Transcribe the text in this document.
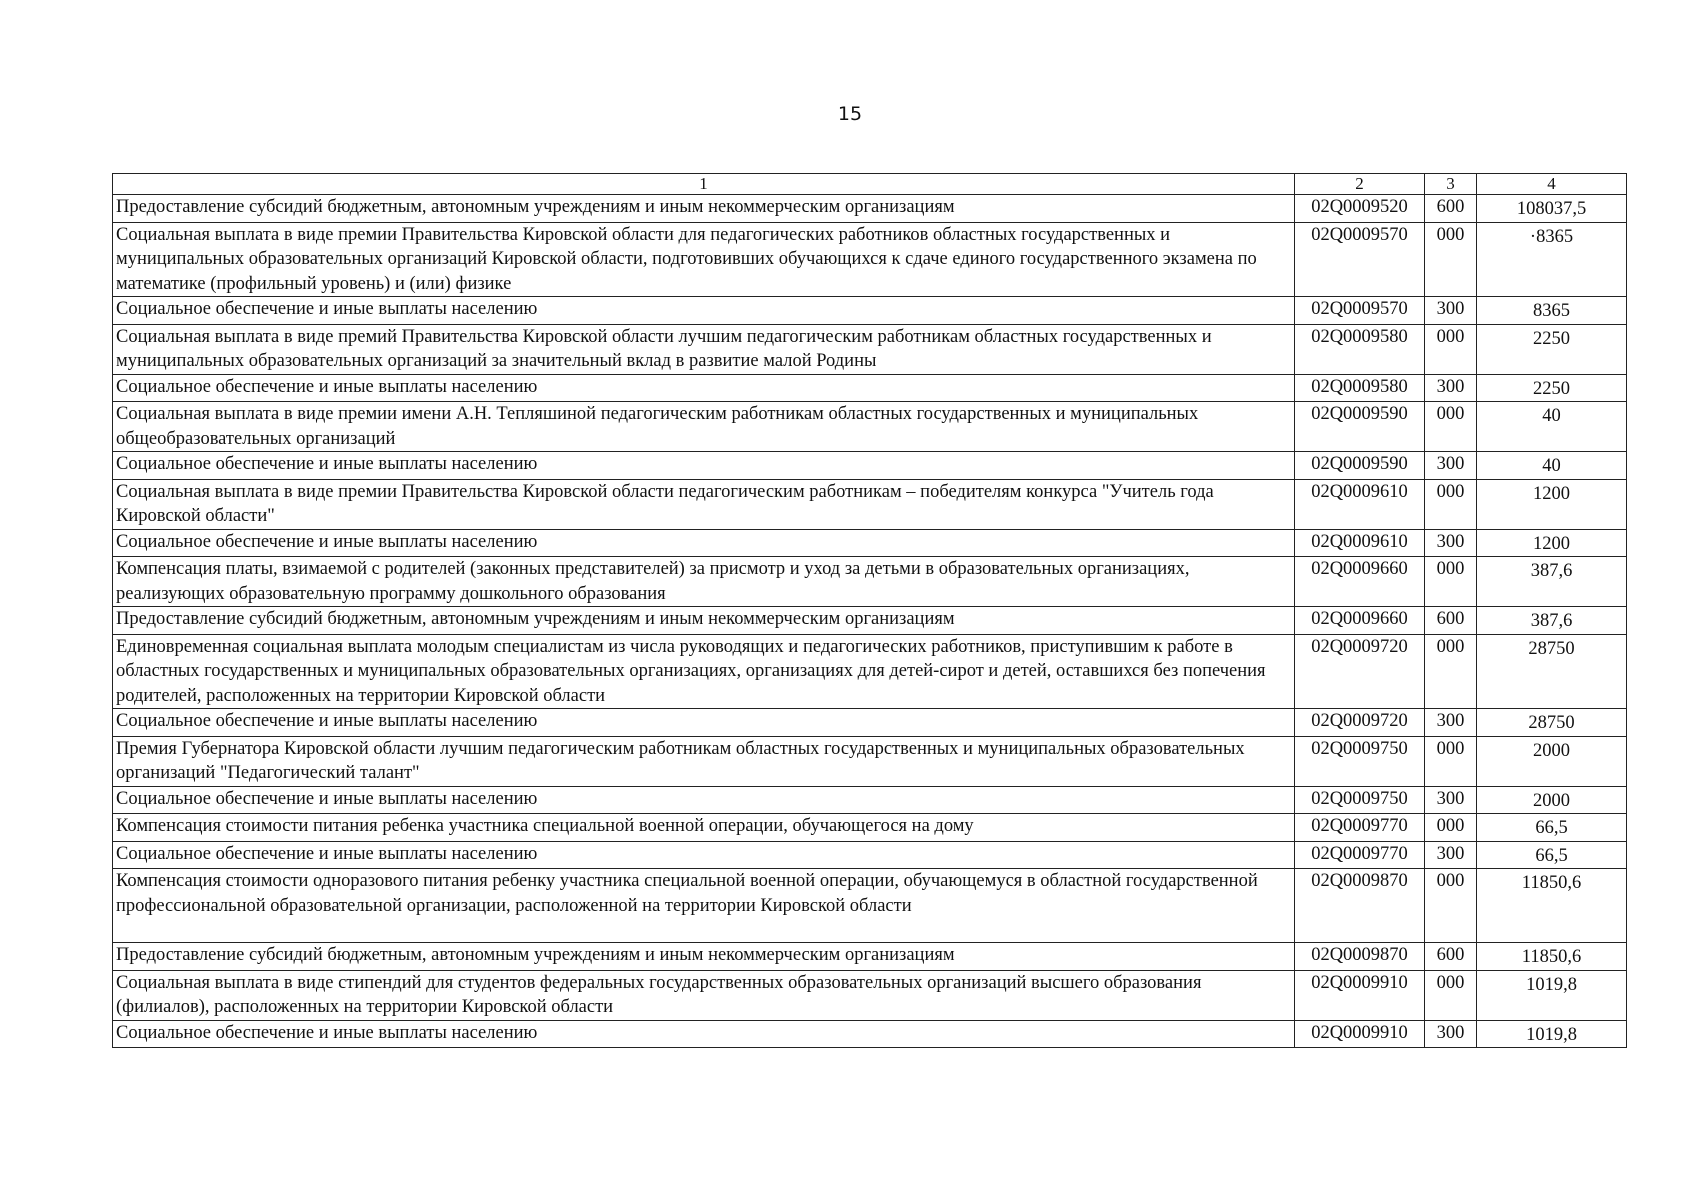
15
1	2	3	4
Предоставление субсидий бюджетным, автономным учреждениям и иным некоммерческим организациям	02Q0009520	600	108037,5
Социальная выплата в виде премии Правительства Кировской области для педагогических работников областных государственных и муниципальных образовательных организаций Кировской области, подготовивших обучающихся к сдаче единого государственного экзамена по математике (профильный уровень) и (или) физике	02Q0009570	000	·8365
Социальное обеспечение и иные выплаты населению	02Q0009570	300	8365
Социальная выплата в виде премий Правительства Кировской области лучшим педагогическим работникам областных государственных и муниципальных образовательных организаций за значительный вклад в развитие малой Родины	02Q0009580	000	2250
Социальное обеспечение и иные выплаты населению	02Q0009580	300	2250
Социальная выплата в виде премии имени А.Н. Тепляшиной педагогическим работникам областных государственных и муниципальных общеобразовательных организаций	02Q0009590	000	40
Социальное обеспечение и иные выплаты населению	02Q0009590	300	40
Социальная выплата в виде премии Правительства Кировской области педагогическим работникам – победителям конкурса "Учитель года Кировской области"	02Q0009610	000	1200
Социальное обеспечение и иные выплаты населению	02Q0009610	300	1200
Компенсация платы, взимаемой с родителей (законных представителей) за присмотр и уход за детьми в образовательных организациях, реализующих образовательную программу дошкольного образования	02Q0009660	000	387,6
Предоставление субсидий бюджетным, автономным учреждениям и иным некоммерческим организациям	02Q0009660	600	387,6
Единовременная социальная выплата молодым специалистам из числа руководящих и педагогических работников, приступившим к работе в областных государственных и муниципальных образовательных организациях, организациях для детей-сирот и детей, оставшихся без попечения родителей, расположенных на территории Кировской области	02Q0009720	000	28750
Социальное обеспечение и иные выплаты населению	02Q0009720	300	28750
Премия Губернатора Кировской области лучшим педагогическим работникам областных государственных и муниципальных образовательных организаций "Педагогический талант"	02Q0009750	000	2000
Социальное обеспечение и иные выплаты населению	02Q0009750	300	2000
Компенсация стоимости питания ребенка участника специальной военной операции, обучающегося на дому	02Q0009770	000	66,5
Социальное обеспечение и иные выплаты населению	02Q0009770	300	66,5
Компенсация стоимости одноразового питания ребенку участника специальной военной операции, обучающемуся в областной государственной профессиональной образовательной организации, расположенной на территории Кировской области	02Q0009870	000	11850,6
Предоставление субсидий бюджетным, автономным учреждениям и иным некоммерческим организациям	02Q0009870	600	11850,6
Социальная выплата в виде стипендий для студентов федеральных государственных образовательных организаций высшего образования (филиалов), расположенных на территории Кировской области	02Q0009910	000	1019,8
Социальное обеспечение и иные выплаты населению	02Q0009910	300	1019,8
